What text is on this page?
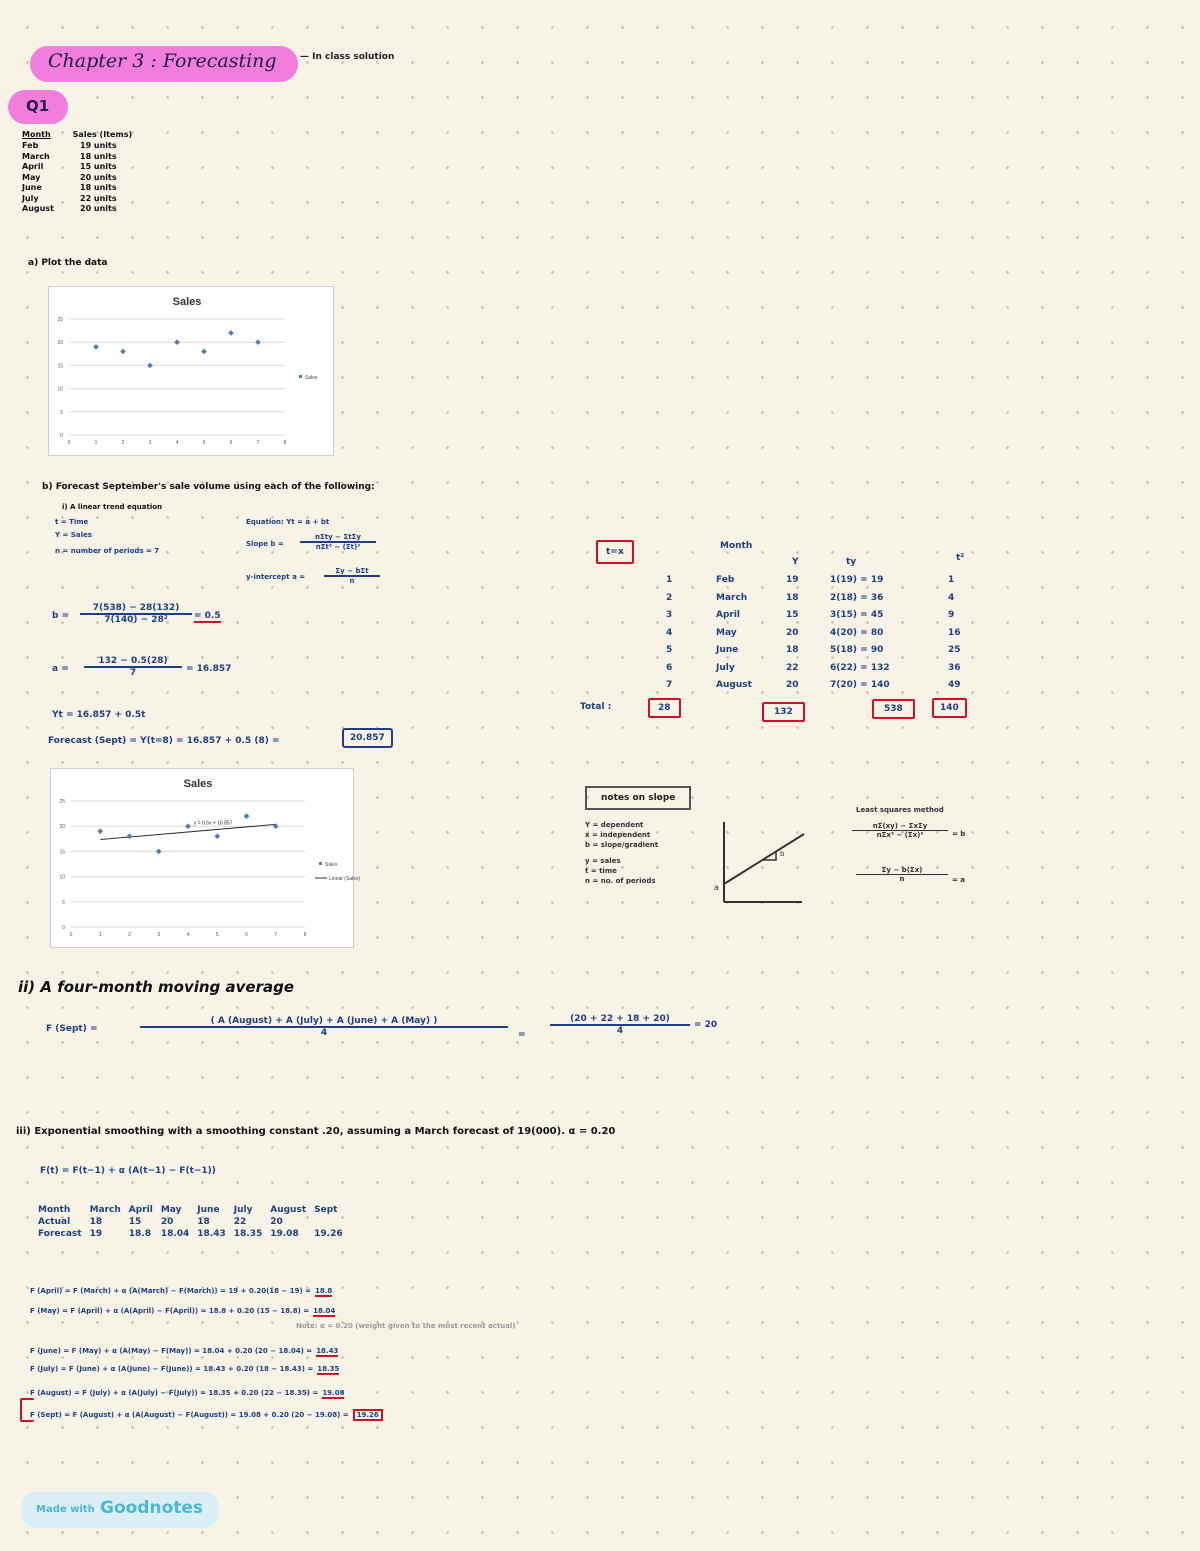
Chapter 3 : Forecasting	— In class solution
Q1
Month	Sales (Items)
Feb	19 units
March	18 units
April	15 units
May	20 units
June	18 units
July	22 units
August	20 units
a) Plot the data
Sales
0
5
10
15
20
25
0	1	2	3	4	5	6	7	8
Sales
b) Forecast September's sale volume using each of the following:
i) A linear trend equation
t = Time
Y = Sales
n = number of periods = 7
Equation: Yt = a + bt
Slope b =
nΣty − ΣtΣy
nΣt² − (Σt)²
y-intercept a =
Σy − bΣt
n
b =
7(538) − 28(132)
7(140) − 28²	= 0.5
a =
132 − 0.5(28)
7	= 16.857
Yt = 16.857 + 0.5t
Forecast (Sept) = Y(t=8) = 16.857 + 0.5 (8) =	20.857
Sales
0
5
10
15
20
25
0	1	2	3	4	5	6	7	8
y = 0.5x + 16.857
Sales
Linear (Sales)
t=x
Month
Y	ty	t²
1	Feb	19	1(19) = 19	1
2	March	18	2(18) = 36	4
3	April	15	3(15) = 45	9
4	May	20	4(20) = 80	16
5	June	18	5(18) = 90	25
6	July	22	6(22) = 132	36
7	August	20	7(20) = 140	49
Total :	28	132	538	140
notes on slope
Y = dependent
x = independent
b = slope/gradient
y = sales
t = time
n = no. of periods
b
a
Least squares method
nΣ(xy) − ΣxΣy
nΣx² − (Σx)²	= b
Σy − b(Σx)
n	= a
ii) A four-month moving average
F (Sept) =
( A (August) + A (July) + A (June) + A (May) )
4	=
(20 + 22 + 18 + 20)
4
= 20
iii) Exponential smoothing with a smoothing constant .20, assuming a March forecast of 19(000). α = 0.20
F(t) = F(t−1) + α (A(t−1) − F(t−1))
Month	March	April	May	June	July	August	Sept
Actual	18	15	20	18	22	20	
Forecast	19	18.8	18.04	18.43	18.35	19.08	19.26
F (April) = F (March) + α (A(March) − F(March)) = 19 + 0.20(18 − 19) = 18.8
F (May) = F (April) + α (A(April) − F(April)) = 18.8 + 0.20 (15 − 18.8) = 18.04
F (June) = F (May) + α (A(May) − F(May)) = 18.04 + 0.20 (20 − 18.04) = 18.43
F (July) = F (June) + α (A(June) − F(June)) = 18.43 + 0.20 (18 − 18.43) = 18.35
F (August) = F (July) + α (A(July) − F(July)) = 18.35 + 0.20 (22 − 18.35) = 19.08
F (Sept) = F (August) + α (A(August) − F(August)) = 19.08 + 0.20 (20 − 19.08) = 19.26
Note: α = 0.20 (weight given to the most recent actual)
Made with Goodnotes
